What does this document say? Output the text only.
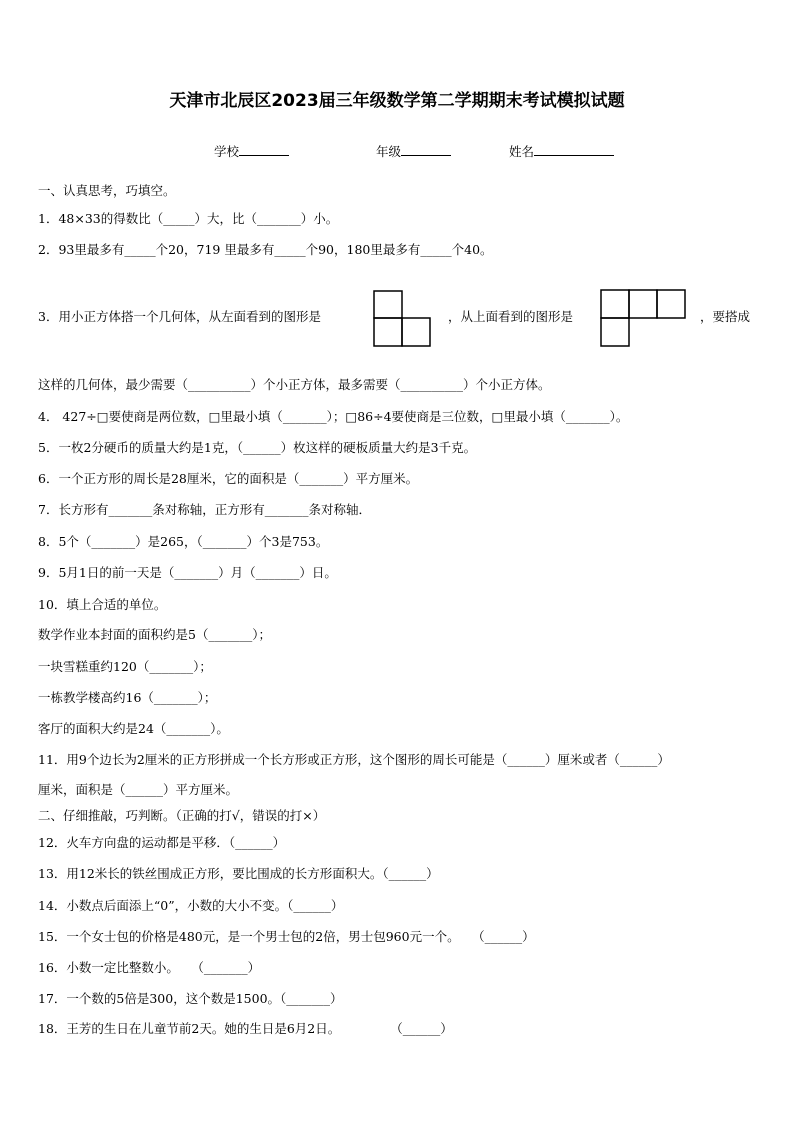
天津市北辰区2023届三年级数学第二学期期末考试模拟试题
学校	年级	姓名
一、认真思考，巧填空。
1．48×33的得数比（_____）大，比（_______）小。
2．93里最多有_____个20，719 里最多有_____个90，180里最多有_____个40。
3．用小正方体搭一个几何体，从左面看到的图形是	，从上面看到的图形是	，要搭成
这样的几何体，最少需要（__________）个小正方体，最多需要（__________）个小正方体。
4． 427÷□要使商是两位数，□里最小填（_______）；□86÷4要使商是三位数，□里最小填（_______）。
5．一枚2分硬币的质量大约是1克，（______）枚这样的硬板质量大约是3千克。
6．一个正方形的周长是28厘米，它的面积是（_______）平方厘米。
7．长方形有_______条对称轴，正方形有_______条对称轴．
8．5个（_______）是265，（_______）个3是753。
9．5月1日的前一天是（_______）月（_______）日。
10．填上合适的单位。
数学作业本封面的面积约是5（_______）；
一块雪糕重约120（_______）；
一栋教学楼高约16（_______）；
客厅的面积大约是24（_______）。
11．用9个边长为2厘米的正方形拼成一个长方形或正方形，这个图形的周长可能是（______）厘米或者（______）
厘米，面积是（______）平方厘米。
二、仔细推敲，巧判断。（正确的打√，错误的打×）
12．火车方向盘的运动都是平移．（______）
13．用12米长的铁丝围成正方形，要比围成的长方形面积大。（______）
14．小数点后面添上“0”，小数的大小不变。（______）
15．一个女士包的价格是480元，是一个男士包的2倍，男士包960元一个。　　（______）
16．小数一定比整数小。　　（_______）
17．一个数的5倍是300，这个数是1500。（_______）
18．王芳的生日在儿童节前2天。她的生日是6月2日。　　　　　（______）
